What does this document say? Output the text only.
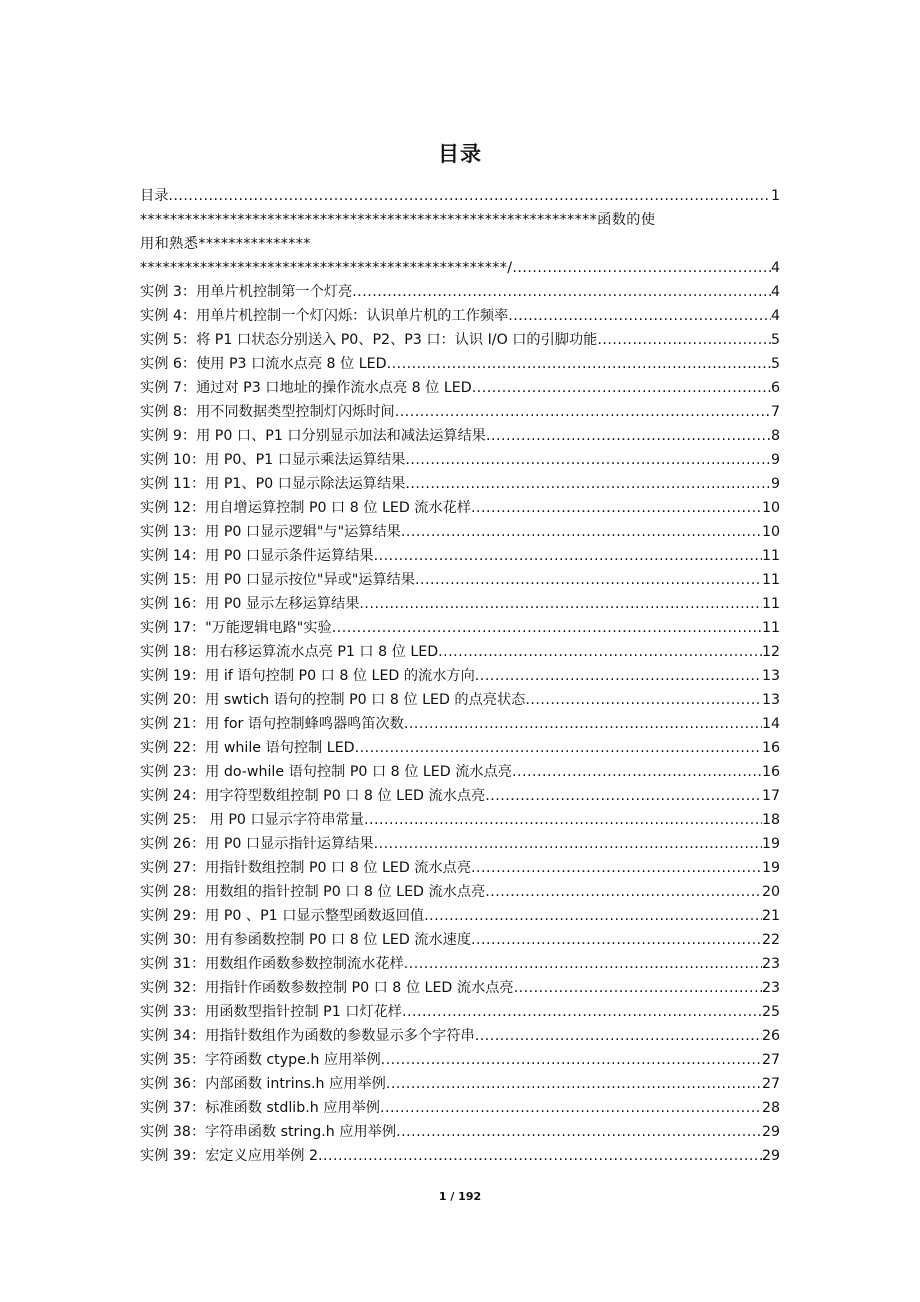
目录
目录 .....	1
*************************************************************函数的使
用和熟悉***************
*************************************************/ .....	4
实例 3：用单片机控制第一个灯亮 .....	4
实例 4：用单片机控制一个灯闪烁：认识单片机的工作频率 .....	4
实例 5：将 P1 口状态分别送入 P0、P2、P3 口：认识 I/O 口的引脚功能 .....	5
实例 6：使用 P3 口流水点亮 8 位 LED .....	5
实例 7：通过对 P3 口地址的操作流水点亮 8 位 LED .....	6
实例 8：用不同数据类型控制灯闪烁时间 .....	7
实例 9：用 P0 口、P1 口分别显示加法和减法运算结果 .....	8
实例 10：用 P0、P1 口显示乘法运算结果 .....	9
实例 11：用 P1、P0 口显示除法运算结果 .....	9
实例 12：用自增运算控制 P0 口 8 位 LED 流水花样 .....	10
实例 13：用 P0 口显示逻辑"与"运算结果 .....	10
实例 14：用 P0 口显示条件运算结果 .....	11
实例 15：用 P0 口显示按位"异或"运算结果 .....	11
实例 16：用 P0 显示左移运算结果 .....	11
实例 17："万能逻辑电路"实验 .....	11
实例 18：用右移运算流水点亮 P1 口 8 位 LED .....	12
实例 19：用 if 语句控制 P0 口 8 位 LED 的流水方向 .....	13
实例 20：用 swtich 语句的控制 P0 口 8 位 LED 的点亮状态 .....	13
实例 21：用 for 语句控制蜂鸣器鸣笛次数 .....	14
实例 22：用 while 语句控制 LED .....	16
实例 23：用 do-while 语句控制 P0 口 8 位 LED 流水点亮 .....	16
实例 24：用字符型数组控制 P0 口 8 位 LED 流水点亮 .....	17
实例 25： 用 P0 口显示字符串常量 .....	18
实例 26：用 P0 口显示指针运算结果 .....	19
实例 27：用指针数组控制 P0 口 8 位 LED 流水点亮 .....	19
实例 28：用数组的指针控制 P0 口 8 位 LED 流水点亮 .....	20
实例 29：用 P0 、P1 口显示整型函数返回值 .....	21
实例 30：用有参函数控制 P0 口 8 位 LED 流水速度 .....	22
实例 31：用数组作函数参数控制流水花样 .....	23
实例 32：用指针作函数参数控制 P0 口 8 位 LED 流水点亮 .....	23
实例 33：用函数型指针控制 P1 口灯花样 .....	25
实例 34：用指针数组作为函数的参数显示多个字符串 .....	26
实例 35：字符函数 ctype.h 应用举例 .....	27
实例 36：内部函数 intrins.h 应用举例 .....	27
实例 37：标准函数 stdlib.h 应用举例 .....	28
实例 38：字符串函数 string.h 应用举例 .....	29
实例 39：宏定义应用举例 2 .....	29
1 / 192
